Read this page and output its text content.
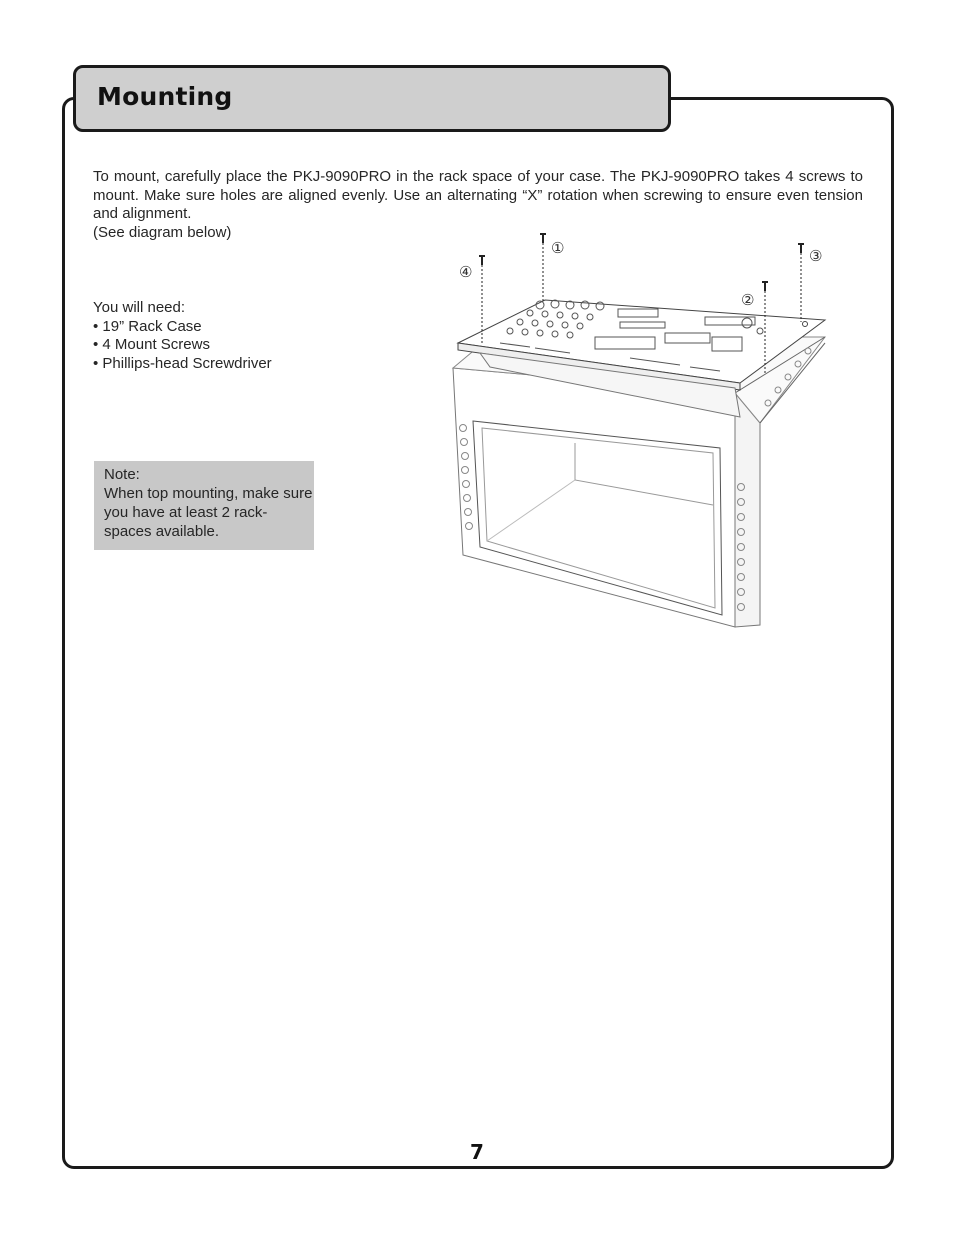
Mounting

To mount, carefully place the PKJ-9090PRO in the rack space of your case. The PKJ-9090PRO takes 4 screws to mount. Make sure holes are aligned evenly. Use an alternating “X” rotation when screwing to ensure even tension and alignment.

(See diagram below)
You will need:
• 19” Rack Case
• 4 Mount Screws
• Phillips-head Screwdriver
Note:
When top mounting, make sure you have at least 2 rack-spaces available.
①
②
③
④
7
